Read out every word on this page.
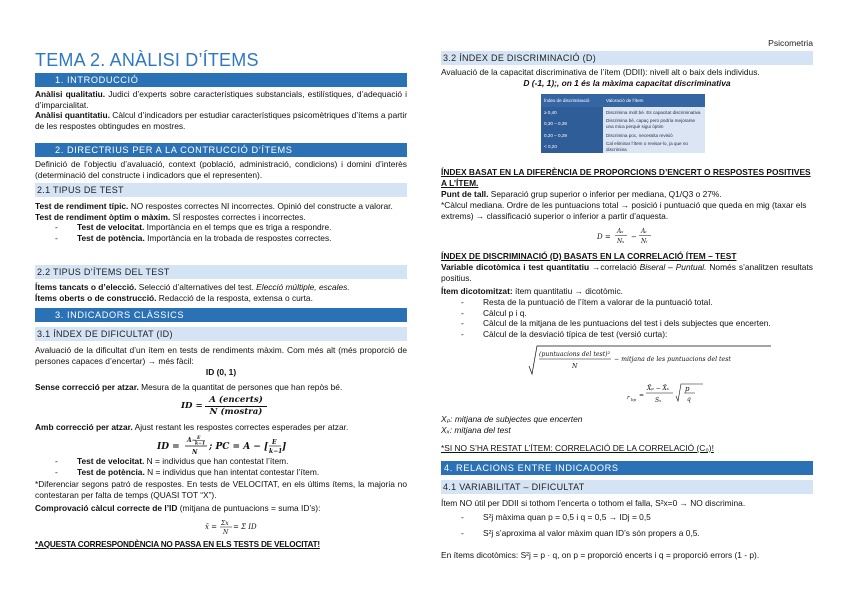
Psicometria
TEMA 2. ANÀLISI D’ÍTEMS
1. INTRODUCCIÓ

Anàlisi qualitatiu. Judici d’experts sobre característiques substancials, estilístiques, d’adequació i d’imparcialitat.

Anàlisi quantitatiu. Càlcul d’indicadors per estudiar característiques psicomètriques d’ítems a partir de les respostes obtingudes en mostres.

2. DIRECTRIUS PER A LA CONTRUCCIÓ D’ÍTEMS
Definició de l’objectiu d’avaluació, context (població, administració, condicions) i domini d’interès (determinació del constructe i indicadors que el representen).
2.1 TIPUS DE TEST

Test de rendiment típic. NO respostes correctes NI incorrectes. Opinió del constructe a valorar.

Test de rendiment òptim o màxim. SÍ respostes correctes i incorrectes.

- Test de velocitat. Importància en el temps que es triga a respondre.
- Test de potència. Importància en la trobada de respostes correctes.
2.2 TIPUS D’ÍTEMS DEL TEST

Ítems tancats o d’elecció. Selecció d’alternatives del test. Elecció múltiple, escales.

Ítems oberts o de construcció. Redacció de la resposta, extensa o curta.

3. INDICADORS CLÀSSICS
3.1 ÍNDEX DE DIFICULTAT (ID)
Avaluació de la dificultat d’un ítem en tests de rendiments màxim. Com més alt (més proporció de persones capaces d’encertar) → més fàcil:
ID (0, 1)
Sense correcció per atzar. Mesura de la quantitat de persones que han repòs bé.
ID =
A (encerts)
N (mostra)
Amb correcció per atzar. Ajust restant les respostes correctes esperades per atzar.
ID =
A− E
k−1
N
; PC = A − [ E
k−1 ]
- Test de velocitat. N = individus que han contestat l’ítem.
- Test de potència. N = individus que han intentat contestar l’ítem.
*Diferenciar segons patró de respostes. En tests de VELOCITAT, en els últims ítems, la majoria no contestaran per falta de temps (QUASI TOT “X”).
Comprovació càlcul correcte de l’ID (mitjana de puntuacions = suma ID’s):
x̄ = Σx
N
= Σ ID
*AQUESTA CORRESPONDÈNCIA NO PASSA EN ELS TESTS DE VELOCITAT!
3.2 ÍNDEX DE DISCRIMINACIÓ (D)
Avaluació de la capacitat discriminativa de l’ítem (DDII): nivell alt o baix dels individus.
D (-1, 1);, on 1 és la màxima capacitat discriminativa
Índex de discriminació	Valoració de l’ítem
≥ 0,40	Discrimina molt bé. Es capacitat discriminativa
0,30 – 0,39	Discrimina bé, capaç pero podría mejorarse una mica perquè sigui òptim
0,20 – 0,29	Discrimina poc, necessita revisió
< 0,20	Cal eliminar l’ítem o revisar-lo, ja que no discrimina
ÍNDEX BASAT EN LA DIFERÈNCIA DE PROPORCIONS D’ENCERT O RESPOSTES POSITIVES A L’ÍTEM.
Punt de tall. Separació grup superior o inferior per mediana, Q1/Q3 o 27%.
*Càlcul mediana. Ordre de les puntuacions total → posició i puntuació que queda en mig (taxar els extrems) → classificació superior o inferior a partir d’aquesta.
D =
Aₛ
Nₛ
−
Aᵢ
Nᵢ
ÍNDEX DE DISCRIMINACIÓ (D) BASATS EN LA CORRELACIÓ ÍTEM – TEST
Variable dicotòmica i test quantitatiu →correlació Biseral – Puntual. Només s’analitzen resultats positius.
Ítem dicotomitzat: ítem quantitatiu → dicotòmic.
- Resta de la puntuació de l’ítem a valorar de la puntuació total.
- Càlcul p i q.
- Càlcul de la mitjana de les puntuacions del test i dels subjectes que encerten.
- Càlcul de la desviació típica de test (versió curta):
(puntuacions del test)²
N
− mitjana de les puntuacions del test
r bp
=
X̄ₚ − X̄ₓ
Sₓ
p
q
Xₚ: mitjana de subjectes que encerten
Xₓ: mitjana del test
*SI NO S’HA RESTAT L’ÍTEM: CORRELACIÓ DE LA CORRELACIÓ (C₀)!
4. RELACIONS ENTRE INDICADORS
4.1 VARIABILITAT – DIFICULTAT
Ítem NO útil per DDII si tothom l’encerta o tothom el falla, S²x=0 → NO discrimina.
- S²j màxima quan p = 0,5 i q = 0,5 → IDj = 0,5
- S²j s’aproxima al valor màxim quan ID’s són propers a 0,5.
En ítems dicotòmics: S²j = p · q, on p = proporció encerts i q = proporció errors (1 - p).
